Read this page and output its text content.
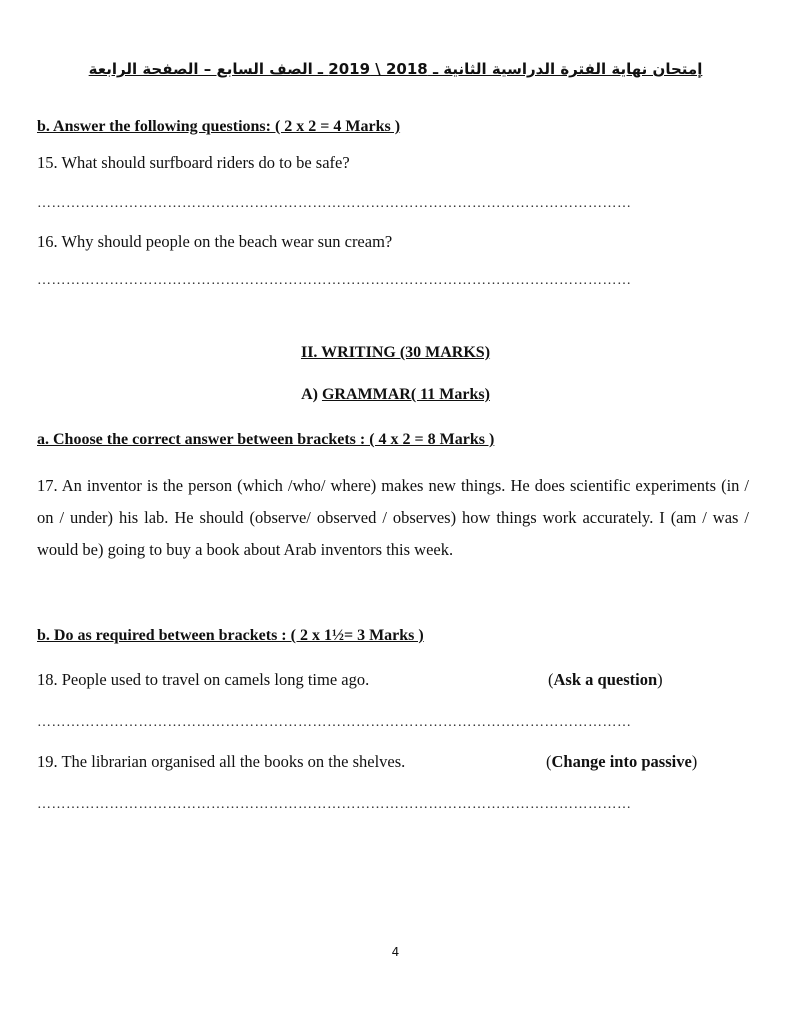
إمتحان نهاية الفترة الدراسية الثانية ـ 2018 \ 2019 ـ الصف السابع – الصفحة الرابعة
b. Answer the following questions: ( 2 x 2 = 4 Marks )
15. What should surfboard riders do to be safe?
……………………………………………………………………………………………………………
16. Why should people on the beach wear sun cream?
……………………………………………………………………………………………………………
II. WRITING (30 MARKS)
A) GRAMMAR( 11 Marks)
a. Choose the correct answer between brackets : ( 4 x 2 = 8 Marks )
17. An inventor is the person (which /who/ where) makes new things. He does scientific experiments (in / on / under) his lab. He should (observe/ observed / observes) how things work accurately. I (am / was / would be) going to buy a book about Arab inventors this week.
b. Do as required between brackets : ( 2 x 1½= 3 Marks )
18. People used to travel on camels long time ago.	(Ask a question)
……………………………………………………………………………………………………………
19. The librarian organised all the books on the shelves.	(Change into passive)
……………………………………………………………………………………………………………
4
